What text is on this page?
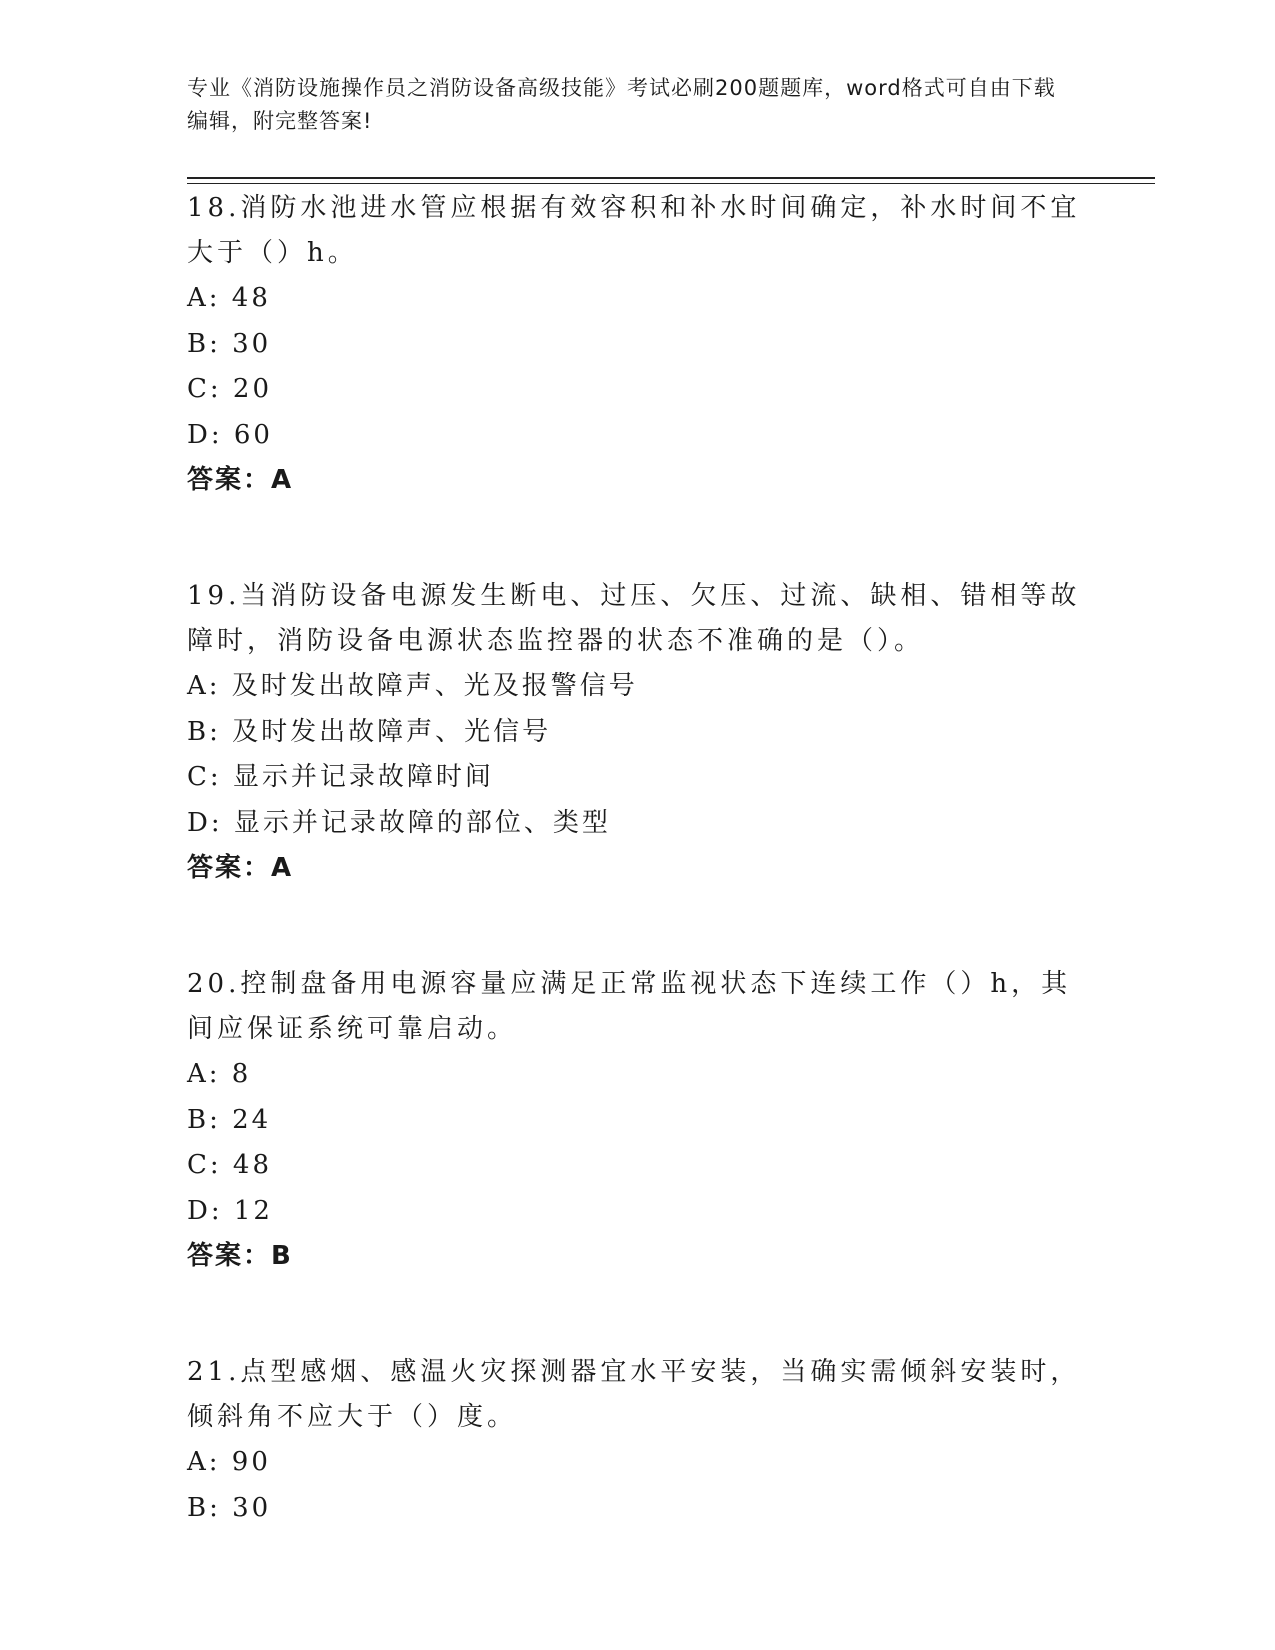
专业《消防设施操作员之消防设备高级技能》考试必刷200题题库，word格式可自由下载编辑，附完整答案!

18.消防水池进水管应根据有效容积和补水时间确定，补水时间不宜大于（）h。

A: 48

B: 30

C: 20

D: 60

答案：A

19.当消防设备电源发生断电、过压、欠压、过流、缺相、错相等故障时，消防设备电源状态监控器的状态不准确的是（）。

A: 及时发出故障声、光及报警信号

B: 及时发出故障声、光信号

C: 显示并记录故障时间

D: 显示并记录故障的部位、类型

答案：A

20.控制盘备用电源容量应满足正常监视状态下连续工作（）h，其间应保证系统可靠启动。

A: 8

B: 24

C: 48

D: 12

答案：B

21.点型感烟、感温火灾探测器宜水平安装，当确实需倾斜安装时，倾斜角不应大于（）度。

A: 90

B: 30
